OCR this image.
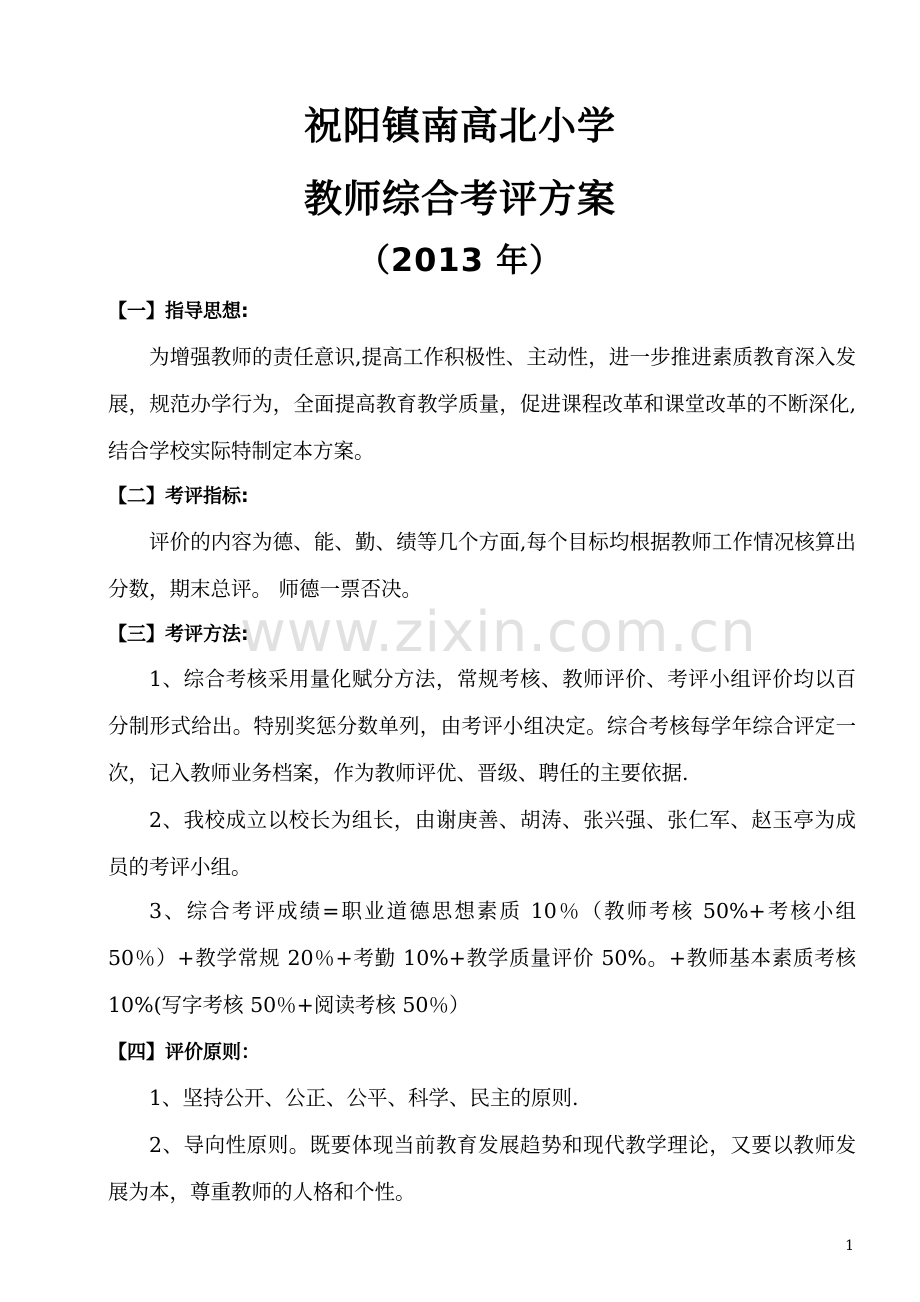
祝阳镇南高北小学
教师综合考评方案
（2013 年）
【一】指导思想:
为增强教师的责任意识,提高工作积极性、主动性，进一步推进素质教育深入发展，规范办学行为，全面提高教育教学质量，促进课程改革和课堂改革的不断深化,结合学校实际特制定本方案。
【二】考评指标:
评价的内容为德、能、勤、绩等几个方面,每个目标均根据教师工作情况核算出分数，期末总评。 师德一票否决。
【三】考评方法:
1、综合考核采用量化赋分方法，常规考核、教师评价、考评小组评价均以百分制形式给出。特别奖惩分数单列，由考评小组决定。综合考核每学年综合评定一次，记入教师业务档案，作为教师评优、晋级、聘任的主要依据.
2、我校成立以校长为组长，由谢庚善、胡涛、张兴强、张仁军、赵玉亭为成员的考评小组。
3、综合考评成绩=职业道德思想素质 10％（教师考核 50%+考核小组 50％）+教学常规 20％+考勤 10%+教学质量评价 50%。+教师基本素质考核 10%(写字考核 50％+阅读考核 50％）
【四】评价原则：
1、坚持公开、公正、公平、科学、民主的原则.
2、导向性原则。既要体现当前教育发展趋势和现代教学理论，又要以教师发展为本，尊重教师的人格和个性。
www.zixin.com.cn
1
